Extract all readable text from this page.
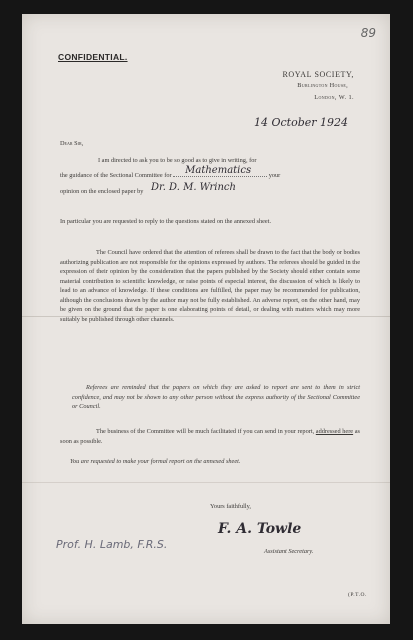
89
CONFIDENTIAL.
ROYAL SOCIETY,
Burlington House,
London, W. 1.
14 October 1924
Dear Sir,
I am directed to ask you to be so good as to give in writing, for
the guidance of the Sectional Committee for Mathematics	your
opinion on the enclosed paper by Dr. D. M. Wrinch
In particular you are requested to reply to the questions stated on the annexed sheet.
The Council have ordered that the attention of referees shall be drawn to the fact that the body or bodies authorizing publication are not responsible for the opinions expressed by authors. The referees should be guided in the expression of their opinion by the consideration that the papers published by the Society should either contain some material contribution to scientific knowledge, or raise points of especial interest, the discussion of which is likely to lead to an advance of knowledge. If these conditions are fulfilled, the paper may be recommended for publication, although the conclusions drawn by the author may not be fully established. An adverse report, on the other hand, may be given on the ground that the paper is one elaborating points of detail, or dealing with matters which may more suitably be published through other channels.
Referees are reminded that the papers on which they are asked to report are sent to them in strict confidence, and may not be shown to any other person without the express authority of the Sectional Committee or Council.
The business of the Committee will be much facilitated if you can send in your report, addressed here as soon as possible.
You are requested to make your formal report on the annexed sheet.
Yours faithfully,
F. A. Towle
Assistant Secretary.
Prof. H. Lamb, F.R.S.
(P.T.O.
